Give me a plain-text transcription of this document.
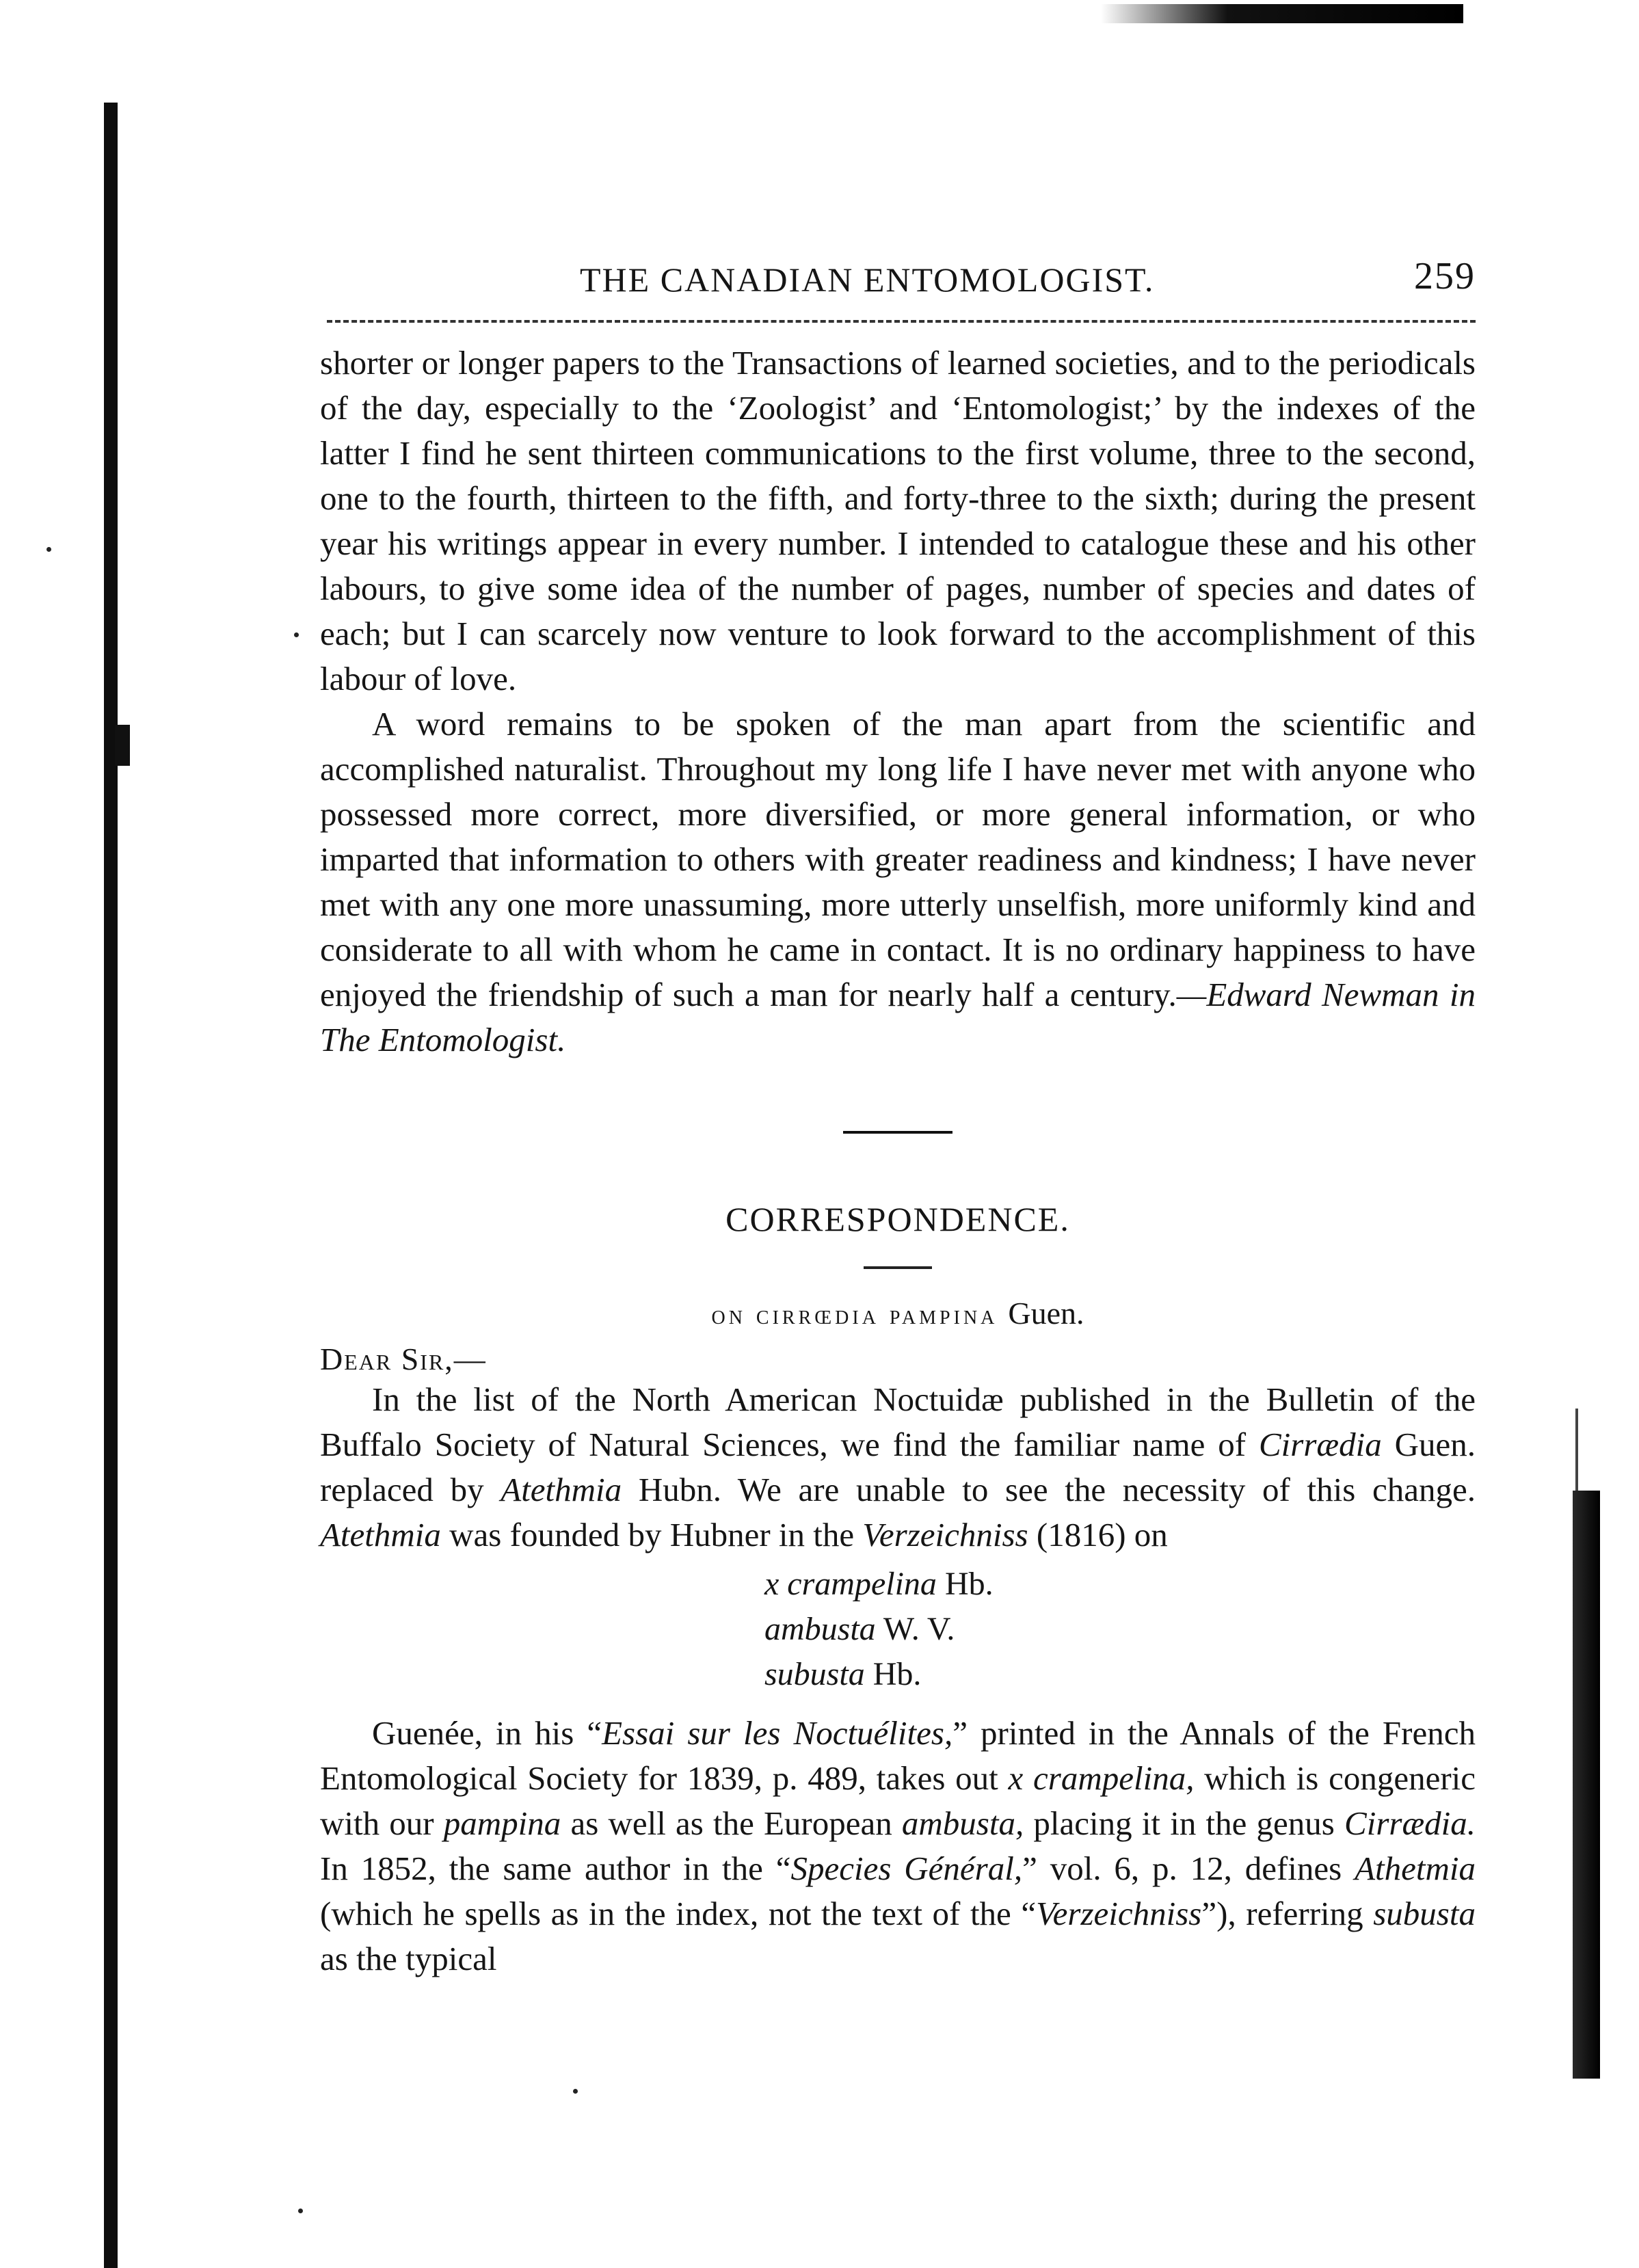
THE CANADIAN ENTOMOLOGIST.	259

shorter or longer papers to the Transactions of learned societies, and to the periodicals of the day, especially to the ‘Zoologist’ and ‘Entomologist;’ by the indexes of the latter I find he sent thirteen communications to the first volume, three to the second, one to the fourth, thirteen to the fifth, and forty-three to the sixth; during the present year his writings appear in every number. I intended to catalogue these and his other labours, to give some idea of the number of pages, number of species and dates of each; but I can scarcely now venture to look forward to the accomplishment of this labour of love.

A word remains to be spoken of the man apart from the scientific and accomplished naturalist. Throughout my long life I have never met with anyone who possessed more correct, more diversified, or more general information, or who imparted that information to others with greater readiness and kindness; I have never met with any one more unassuming, more utterly unselfish, more uniformly kind and considerate to all with whom he came in contact. It is no ordinary happiness to have enjoyed the friendship of such a man for nearly half a century.—Edward Newman in The Entomologist.

CORRESPONDENCE.
on cirrœdia pampina Guen.
Dear Sir,—

In the list of the North American Noctuidæ published in the Bulletin of the Buffalo Society of Natural Sciences, we find the familiar name of Cirrædia Guen. replaced by Atethmia Hubn. We are unable to see the necessity of this change. Atethmia was founded by Hubner in the Verzeichniss (1816) on

x crampelina Hb.
ambusta W. V.
subusta Hb.

Guenée, in his “Essai sur les Noctuélites,” printed in the Annals of the French Entomological Society for 1839, p. 489, takes out x crampelina, which is congeneric with our pampina as well as the European ambusta, placing it in the genus Cirrædia. In 1852, the same author in the “Species Général,” vol. 6, p. 12, defines Athetmia (which he spells as in the index, not the text of the “Verzeichniss”), referring subusta as the typical
